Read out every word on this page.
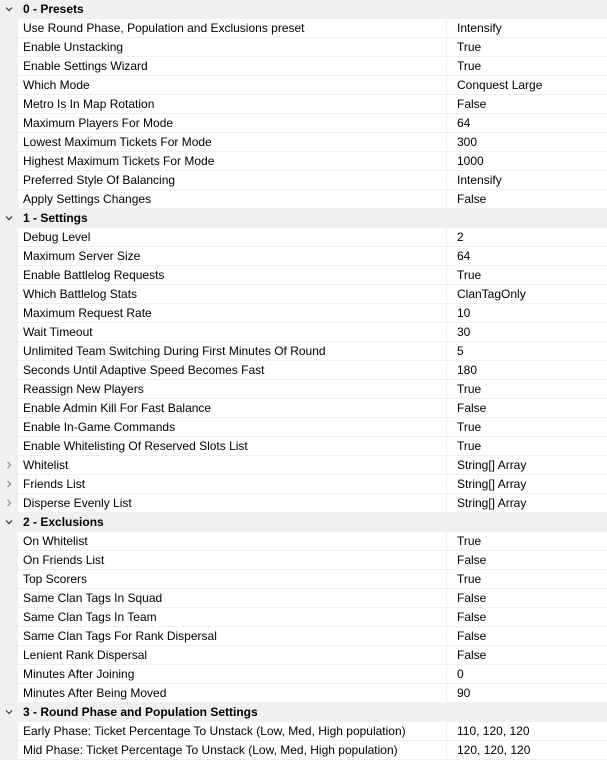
0 - Presets
Use Round Phase, Population and Exclusions preset	Intensify
Enable Unstacking	True
Enable Settings Wizard	True
Which Mode	Conquest Large
Metro Is In Map Rotation	False
Maximum Players For Mode	64
Lowest Maximum Tickets For Mode	300
Highest Maximum Tickets For Mode	1000
Preferred Style Of Balancing	Intensify
Apply Settings Changes	False
1 - Settings
Debug Level	2
Maximum Server Size	64
Enable Battlelog Requests	True
Which Battlelog Stats	ClanTagOnly
Maximum Request Rate	10
Wait Timeout	30
Unlimited Team Switching During First Minutes Of Round	5
Seconds Until Adaptive Speed Becomes Fast	180
Reassign New Players	True
Enable Admin Kill For Fast Balance	False
Enable In-Game Commands	True
Enable Whitelisting Of Reserved Slots List	True
Whitelist	String[] Array
Friends List	String[] Array
Disperse Evenly List	String[] Array
2 - Exclusions
On Whitelist	True
On Friends List	False
Top Scorers	True
Same Clan Tags In Squad	False
Same Clan Tags In Team	False
Same Clan Tags For Rank Dispersal	False
Lenient Rank Dispersal	False
Minutes After Joining	0
Minutes After Being Moved	90
3 - Round Phase and Population Settings
Early Phase: Ticket Percentage To Unstack (Low, Med, High population)	110, 120, 120
Mid Phase: Ticket Percentage To Unstack (Low, Med, High population)	120, 120, 120
